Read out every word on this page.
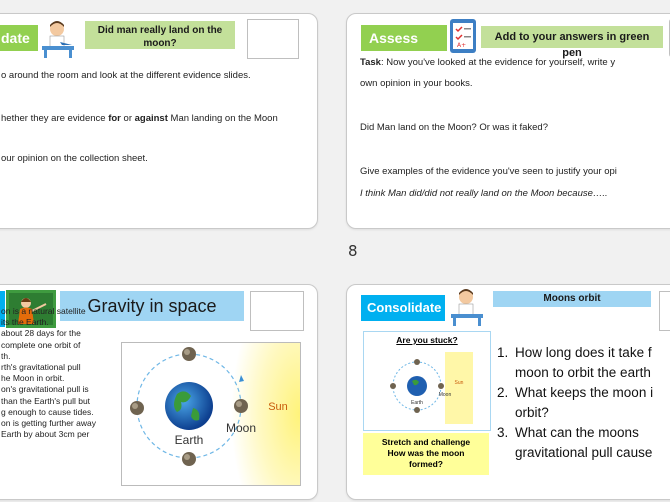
date	Did man really land on the moon?
o around the room and look at the different evidence slides.
hether they are evidence for or against Man landing on the Moon
our opinion on the collection sheet.
Assess	A+
Add to your answers in green pen
Task: Now you've looked at the evidence for yourself, write y
own opinion in your books.
Did Man land on the Moon? Or was it faked?
Give examples of the evidence you've seen to justify your opi
I think Man did/did not really land on the Moon because…..
8
Gravity in space
on is a natural satellite
its the Earth.
about 28 days for the
complete one orbit of
th.
rth's gravitational pull
he Moon in orbit.
on's gravitational pull is
than the Earth's pull but
g enough to cause tides.
on is getting further away
Earth by about 3cm per
Sun
Earth
Moon
Consolidate
Moons orbit
Are you stuck?
Sun
Earth
Moon
Stretch and challenge
How was the moon formed?
1. How long does it take f
moon to orbit the earth
2. What keeps the moon i
orbit?
3. What can the moons
gravitational pull cause
